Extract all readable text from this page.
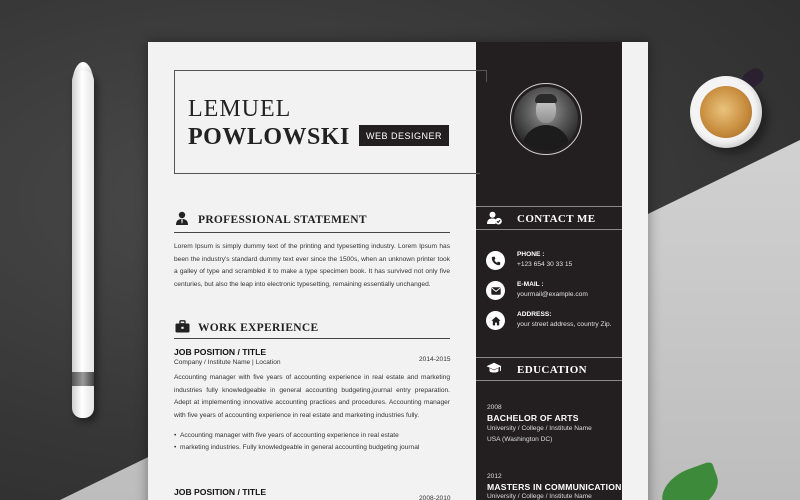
LEMUEL
POWLOWSKI	WEB DESIGNER
PROFESSIONAL STATEMENT
Lorem Ipsum is simply dummy text of the printing and typesetting industry. Lorem Ipsum has been the industry's standard dummy text ever since the 1500s, when an unknown printer took a galley of type and scrambled it to make a type specimen book. It has survived not only five centuries, but also the leap into electronic typesetting, remaining essentially unchanged.
WORK EXPERIENCE
JOB POSITION / TITLE
Company / Institute Name | Location	2014-2015
Accounting manager with five years of accounting experience in real estate and marketing industries fully knowledgeable in general accounting budgeting,journal entry preparation. Adept at implementing innovative accounting practices and procedures. Accounting manager with five years of accounting experience in real estate and marketing industries fully.
•  Accounting manager with five years of accounting experience in real estate
•  marketing industries. Fully knowledgeable in general accounting budgeting journal
JOB POSITION / TITLE
2008-2010
CONTACT ME
PHONE :
+123 654 30 33 15
E-MAIL :
yourmail@example.com
ADDRESS:
your street address, country Zip.
EDUCATION
2008
BACHELOR OF ARTS
University / College / Institute Name
USA (Washington DC)
2012
MASTERS IN COMMUNICATION
University / College / Institute Name
